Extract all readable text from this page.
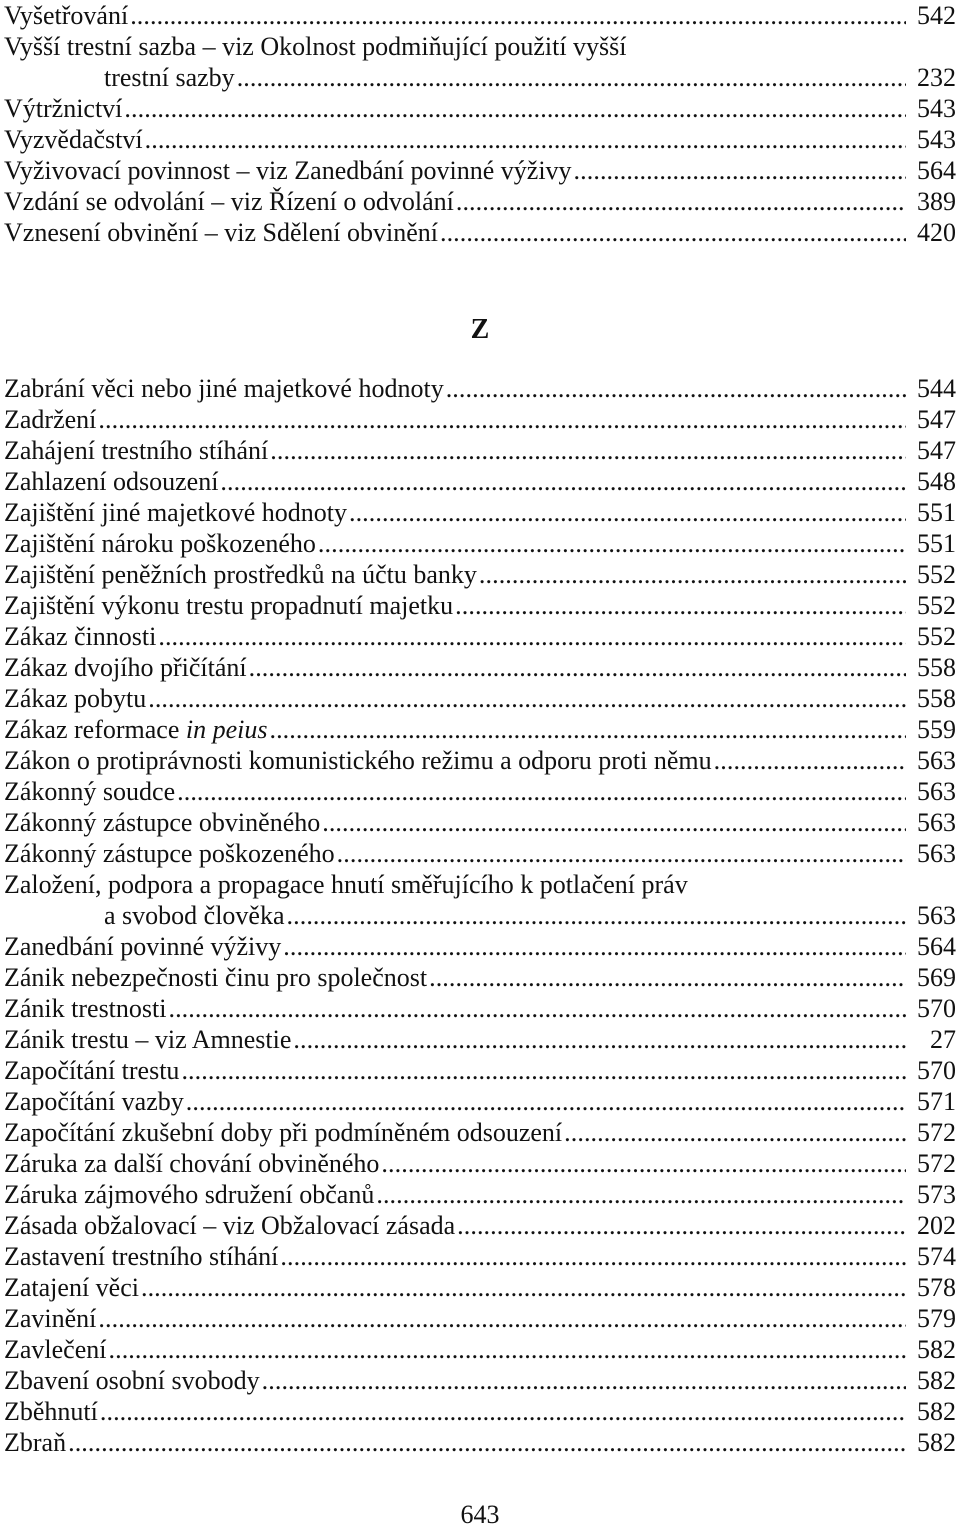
Vyšetřování . . .	542
Vyšší trestní sazba – viz Okolnost podmiňující použití vyšší
trestní sazby . . .	232
Výtržnictví . . .	543
Vyzvědačství . . .	543
Vyživovací povinnost – viz Zanedbání povinné výživy . . .	564
Vzdání se odvolání – viz Řízení o odvolání . . .	389
Vznesení obvinění – viz Sdělení obvinění . . .	420
Z
Zabrání věci nebo jiné majetkové hodnoty . . .	544
Zadržení . . .	547
Zahájení trestního stíhání . . .	547
Zahlazení odsouzení . . .	548
Zajištění jiné majetkové hodnoty . . .	551
Zajištění nároku poškozeného . . .	551
Zajištění peněžních prostředků na účtu banky . . .	552
Zajištění výkonu trestu propadnutí majetku . . .	552
Zákaz činnosti . . .	552
Zákaz dvojího přičítání . . .	558
Zákaz pobytu . . .	558
Zákaz reformace in peius . . .	559
Zákon o protiprávnosti komunistického režimu a odporu proti němu . . .	563
Zákonný soudce . . .	563
Zákonný zástupce obviněného . . .	563
Zákonný zástupce poškozeného . . .	563
Založení, podpora a propagace hnutí směřujícího k potlačení práv
a svobod člověka . . .	563
Zanedbání povinné výživy . . .	564
Zánik nebezpečnosti činu pro společnost . . .	569
Zánik trestnosti . . .	570
Zánik trestu – viz Amnestie . . .	27
Započítání trestu . . .	570
Započítání vazby . . .	571
Započítání zkušební doby při podmíněném odsouzení . . .	572
Záruka za další chování obviněného . . .	572
Záruka zájmového sdružení občanů . . .	573
Zásada obžalovací – viz Obžalovací zásada . . .	202
Zastavení trestního stíhání . . .	574
Zatajení věci . . .	578
Zavinění . . .	579
Zavlečení . . .	582
Zbavení osobní svobody . . .	582
Zběhnutí . . .	582
Zbraň . . .	582
643
